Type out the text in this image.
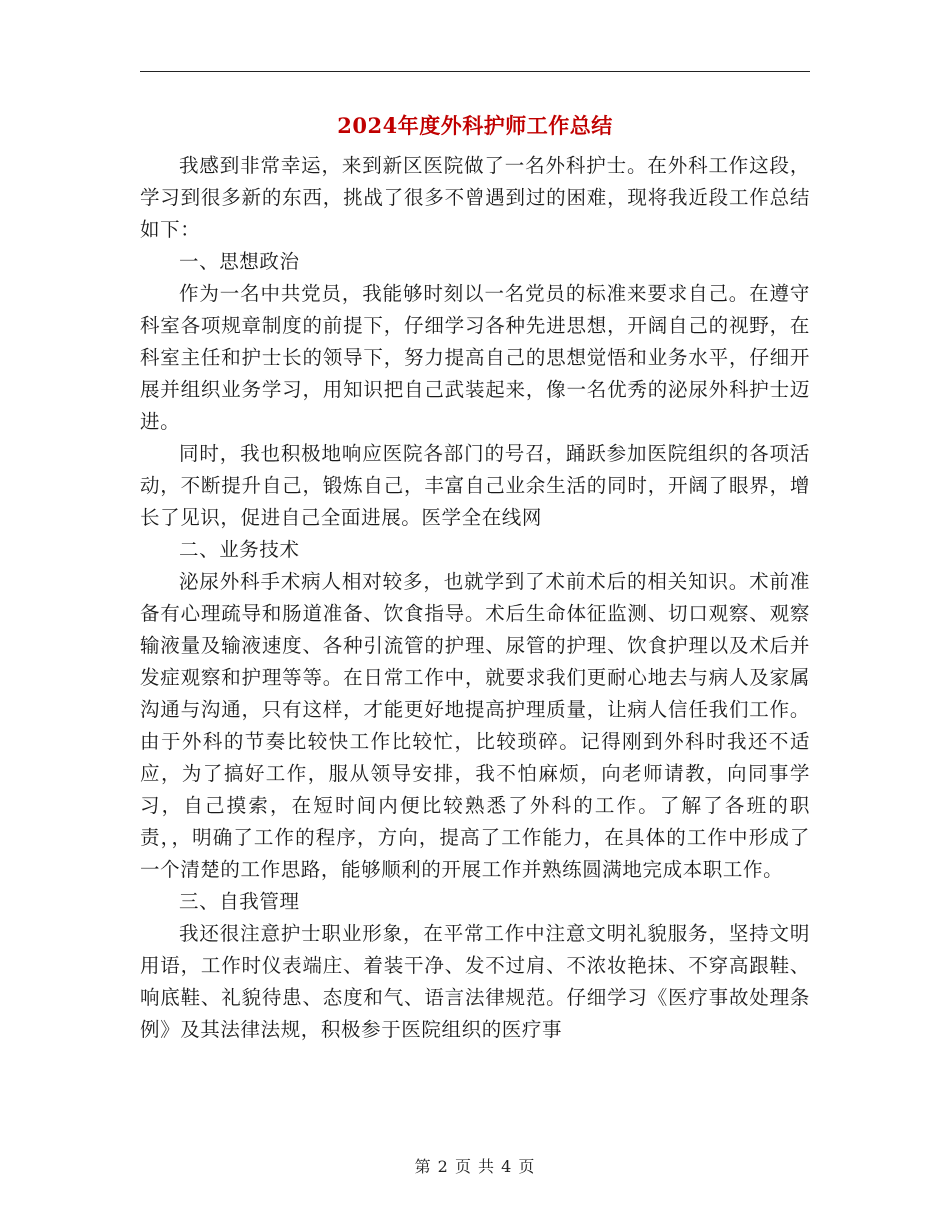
2024年度外科护师工作总结

我感到非常幸运，来到新区医院做了一名外科护士。在外科工作这段，学习到很多新的东西，挑战了很多不曾遇到过的困难，现将我近段工作总结如下：

一、思想政治

作为一名中共党员，我能够时刻以一名党员的标准来要求自己。在遵守科室各项规章制度的前提下，仔细学习各种先进思想，开阔自己的视野，在科室主任和护士长的领导下，努力提高自己的思想觉悟和业务水平，仔细开展并组织业务学习，用知识把自己武装起来，像一名优秀的泌尿外科护士迈进。

同时，我也积极地响应医院各部门的号召，踊跃参加医院组织的各项活动，不断提升自己，锻炼自己，丰富自己业余生活的同时，开阔了眼界，增长了见识，促进自己全面进展。医学全在线网

二、业务技术

泌尿外科手术病人相对较多，也就学到了术前术后的相关知识。术前准备有心理疏导和肠道准备、饮食指导。术后生命体征监测、切口观察、观察输液量及输液速度、各种引流管的护理、尿管的护理、饮食护理以及术后并发症观察和护理等等。在日常工作中，就要求我们更耐心地去与病人及家属沟通与沟通，只有这样，才能更好地提高护理质量，让病人信任我们工作。由于外科的节奏比较快工作比较忙，比较琐碎。记得刚到外科时我还不适应，为了搞好工作，服从领导安排，我不怕麻烦，向老师请教，向同事学习，自己摸索，在短时间内便比较熟悉了外科的工作。了解了各班的职责，，明确了工作的程序，方向，提高了工作能力，在具体的工作中形成了一个清楚的工作思路，能够顺利的开展工作并熟练圆满地完成本职工作。

三、自我管理

我还很注意护士职业形象，在平常工作中注意文明礼貌服务，坚持文明用语，工作时仪表端庄、着装干净、发不过肩、不浓妆艳抹、不穿高跟鞋、响底鞋、礼貌待患、态度和气、语言法律规范。仔细学习《医疗事故处理条例》及其法律法规，积极参于医院组织的医疗事

第 2 页 共 4 页
